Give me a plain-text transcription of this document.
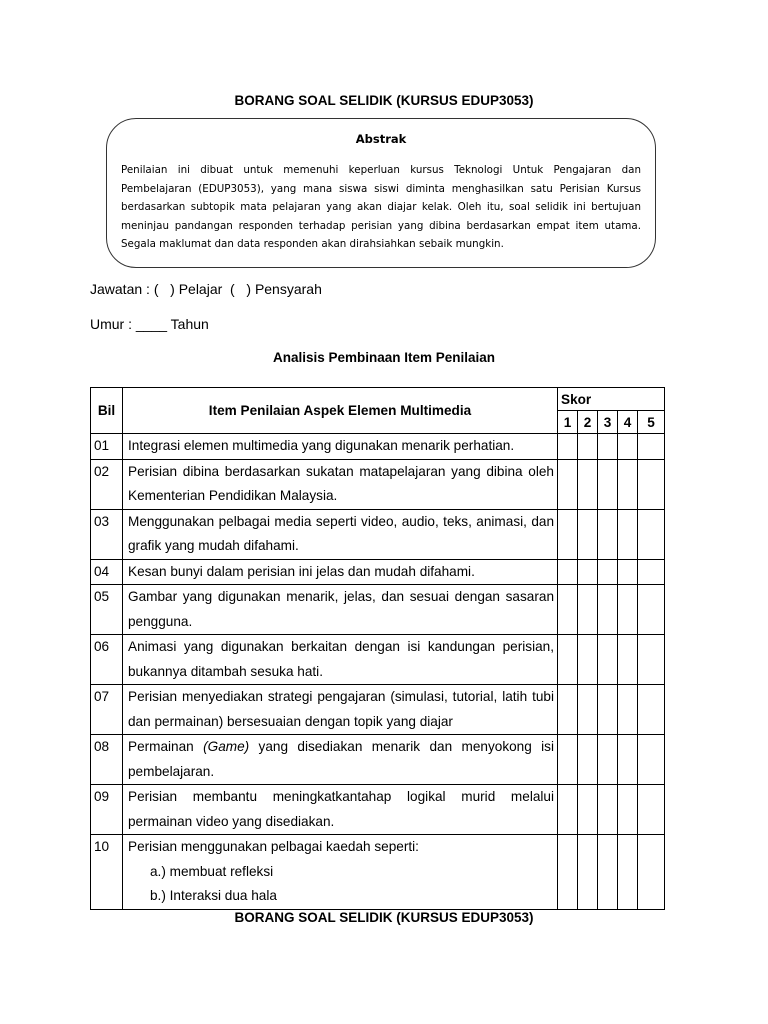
BORANG SOAL SELIDIK (KURSUS EDUP3053)
Abstrak
Penilaian ini dibuat untuk memenuhi keperluan kursus Teknologi Untuk Pengajaran dan Pembelajaran (EDUP3053), yang mana siswa siswi diminta menghasilkan satu Perisian Kursus berdasarkan subtopik mata pelajaran yang akan diajar kelak. Oleh itu, soal selidik ini bertujuan meninjau pandangan responden terhadap perisian yang dibina berdasarkan empat item utama. Segala maklumat dan data responden akan dirahsiahkan sebaik mungkin.
Jawatan : (   ) Pelajar  (   ) Pensyarah
Umur : ____ Tahun
Analisis Pembinaan Item Penilaian
Bil	Item Penilaian Aspek Elemen Multimedia	Skor				
		1	2	3	4	5
01	Integrasi elemen multimedia yang digunakan menarik perhatian.					

02	Perisian dibina berdasarkan sukatan matapelajaran yang dibina oleh Kementerian Pendidikan Malaysia.					

03	Menggunakan pelbagai media seperti video, audio, teks, animasi, dan grafik yang mudah difahami.					

04	Kesan bunyi dalam perisian ini jelas dan mudah difahami.					

05	Gambar yang digunakan menarik, jelas, dan sesuai dengan sasaran pengguna.					

06	Animasi yang digunakan berkaitan dengan isi kandungan perisian, bukannya ditambah sesuka hati.					

07	Perisian menyediakan strategi pengajaran (simulasi, tutorial, latih tubi dan permainan) bersesuaian dengan topik yang diajar					

08	Permainan (Game) yang disediakan menarik dan menyokong isi pembelajaran.					
09	Perisian membantu meningkatkantahap logikal murid melalui permainan video yang disediakan.					

10	Perisian menggunakan pelbagai kaedah seperti:
a.) membuat refleksi
b.) Interaksi dua hala					

BORANG SOAL SELIDIK (KURSUS EDUP3053)
